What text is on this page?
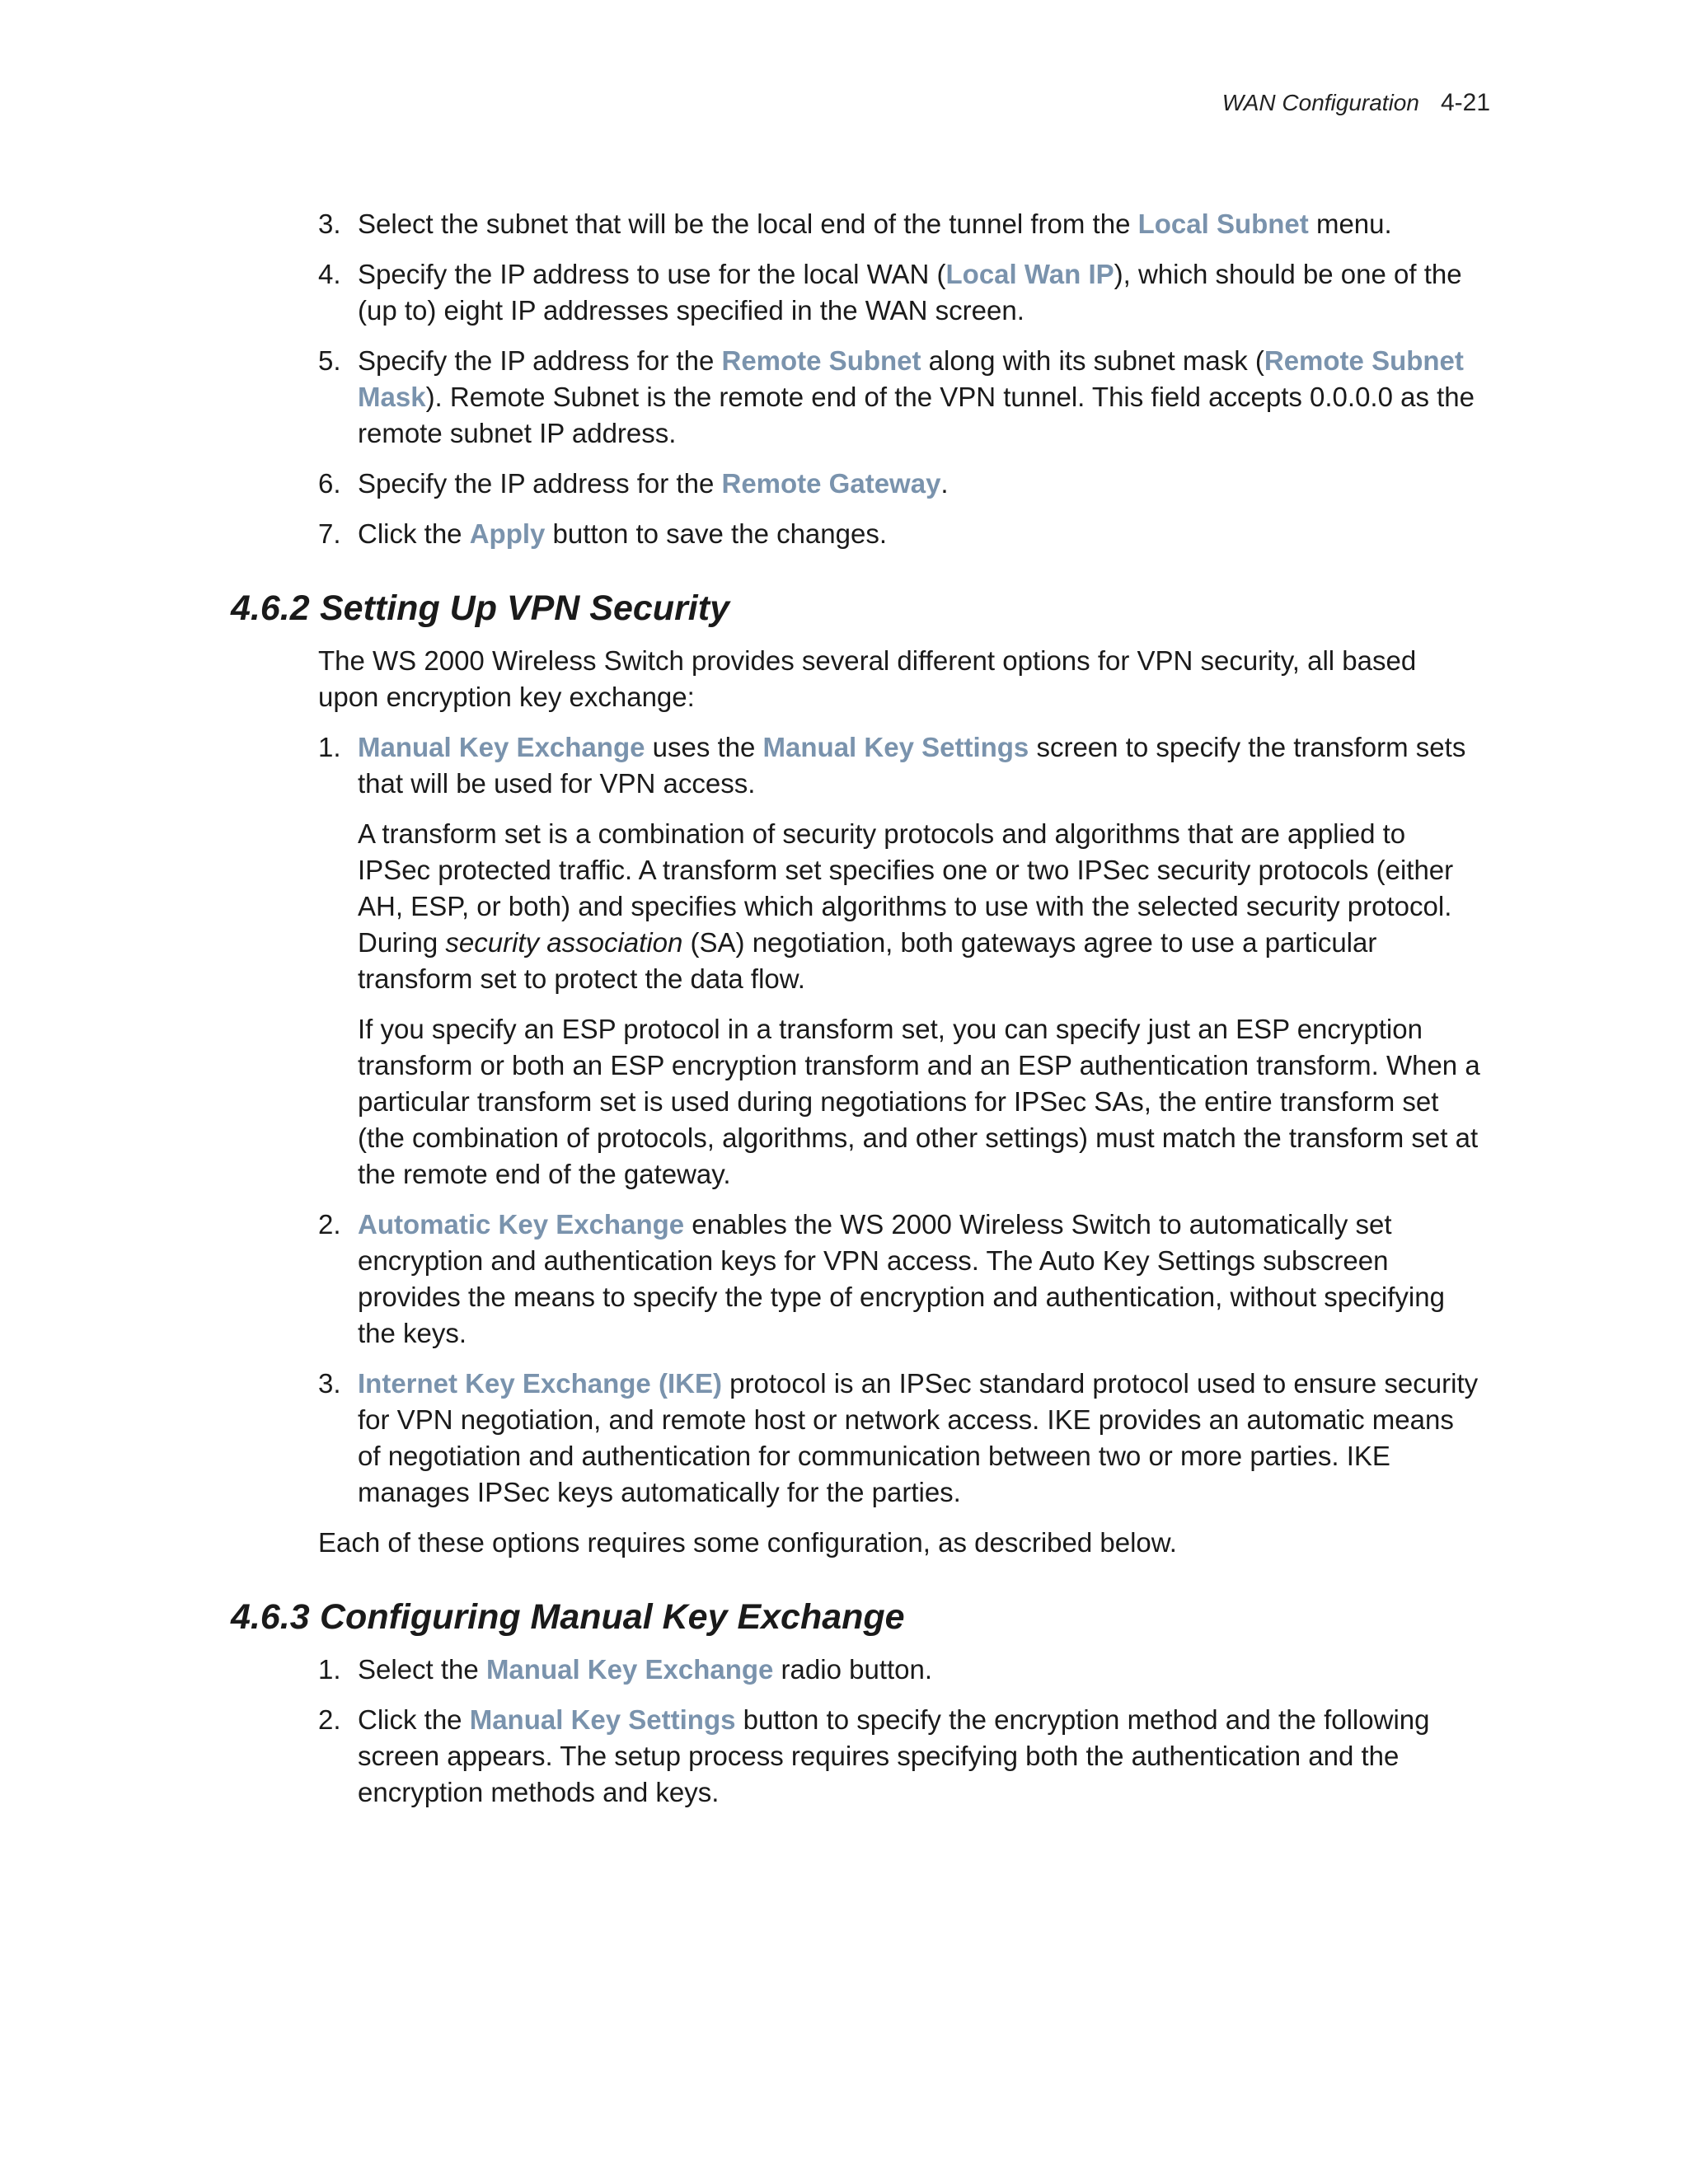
WAN Configuration 4-21
3. Select the subnet that will be the local end of the tunnel from the Local Subnet menu.
4. Specify the IP address to use for the local WAN (Local Wan IP), which should be one of the (up to) eight IP addresses specified in the WAN screen.
5. Specify the IP address for the Remote Subnet along with its subnet mask (Remote Subnet Mask). Remote Subnet is the remote end of the VPN tunnel. This field accepts 0.0.0.0 as the remote subnet IP address.
6. Specify the IP address for the Remote Gateway.
7. Click the Apply button to save the changes.
4.6.2 Setting Up VPN Security

The WS 2000 Wireless Switch provides several different options for VPN security, all based upon encryption key exchange:

1. Manual Key Exchange uses the Manual Key Settings screen to specify the transform sets that will be used for VPN access.

A transform set is a combination of security protocols and algorithms that are applied to IPSec protected traffic. A transform set specifies one or two IPSec security protocols (either AH, ESP, or both) and specifies which algorithms to use with the selected security protocol. During security association (SA) negotiation, both gateways agree to use a particular transform set to protect the data flow.

If you specify an ESP protocol in a transform set, you can specify just an ESP encryption transform or both an ESP encryption transform and an ESP authentication transform. When a particular transform set is used during negotiations for IPSec SAs, the entire transform set (the combination of protocols, algorithms, and other settings) must match the transform set at the remote end of the gateway.

2. Automatic Key Exchange enables the WS 2000 Wireless Switch to automatically set encryption and authentication keys for VPN access. The Auto Key Settings subscreen provides the means to specify the type of encryption and authentication, without specifying the keys.
3. Internet Key Exchange (IKE) protocol is an IPSec standard protocol used to ensure security for VPN negotiation, and remote host or network access. IKE provides an automatic means of negotiation and authentication for communication between two or more parties. IKE manages IPSec keys automatically for the parties.

Each of these options requires some configuration, as described below.

4.6.3 Configuring Manual Key Exchange
1. Select the Manual Key Exchange radio button.
2. Click the Manual Key Settings button to specify the encryption method and the following screen appears. The setup process requires specifying both the authentication and the encryption methods and keys.
